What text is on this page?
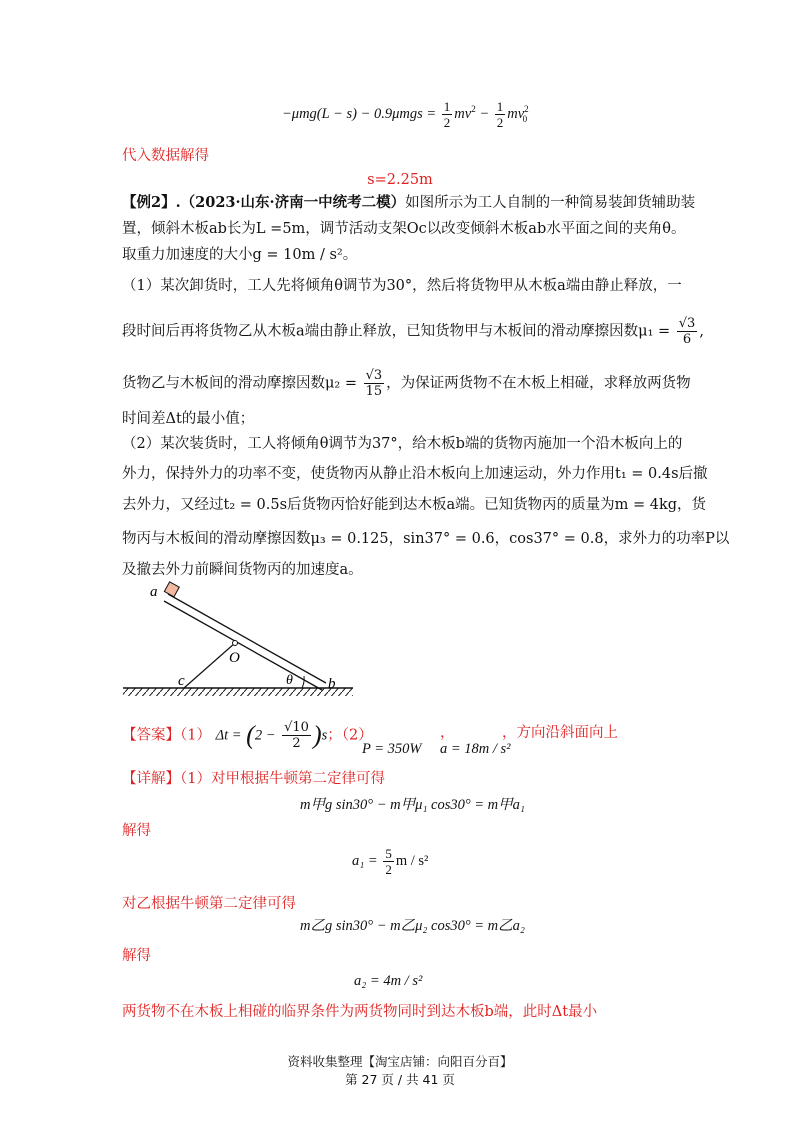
$-\mu mg(L - s) - 0.9\mu mgs = \frac{1}{2} mv^2 - \frac{1}{2} mv^2_0$
代入数据解得
s=2.25m
【例2】.（2023·山东·济南一中统考二模）如图所示为工人自制的一种简易装卸货辅助装
置，倾斜木板ab长为L =5m，调节活动支架Oc以改变倾斜木板ab水平面之间的夹角θ。
取重力加速度的大小g = 10m / s²。
（1）某次卸货时，工人先将倾角θ调节为30°，然后将货物甲从木板a端由静止释放，一
段时间后再将货物乙从木板a端由静止释放，已知货物甲与木板间的滑动摩擦因数$\mu_1 = \frac{√3}{6}$ ,
货物乙与木板间的滑动摩擦因数$\mu_2 = \frac{√3}{15}$ ，为保证两货物不在木板上相碰，求释放两货物
时间差Δt的最小值；
（2）某次装货时，工人将倾角θ调节为37°，给木板b端的货物丙施加一个沿木板向上的
外力，保持外力的功率不变，使货物丙从静止沿木板向上加速运动，外力作用t₁ = 0.4s后撤
去外力，又经过t₂ = 0.5s后货物丙恰好能到达木板a端。已知货物丙的质量为m = 4kg，货
物丙与木板间的滑动摩擦因数μ₃ = 0.125，sin37° = 0.6，cos37° = 0.8，求外力的功率P以
及撤去外力前瞬间货物丙的加速度a。
a
O
c	θ b
【答案】（1） $\Delta t = (2 - \frac{√10}{2} )s$；（2）
P = 350W
，
a = 18m / s²
，方向沿斜面向上
【详解】（1）对甲根据牛顿第二定律可得
m甲g sin30° − m甲μ₁ cos30° = m甲a₁
解得
$a_1 = \frac{5}{2}$ m / s²
对乙根据牛顿第二定律可得
m乙g sin30° − m乙μ₂ cos30° = m乙a₂
解得
a₂ = 4m / s²
两货物不在木板上相碰的临界条件为两货物同时到达木板b端，此时Δt最小
资料收集整理【淘宝店铺：向阳百分百】
第 27 页 / 共 41 页
